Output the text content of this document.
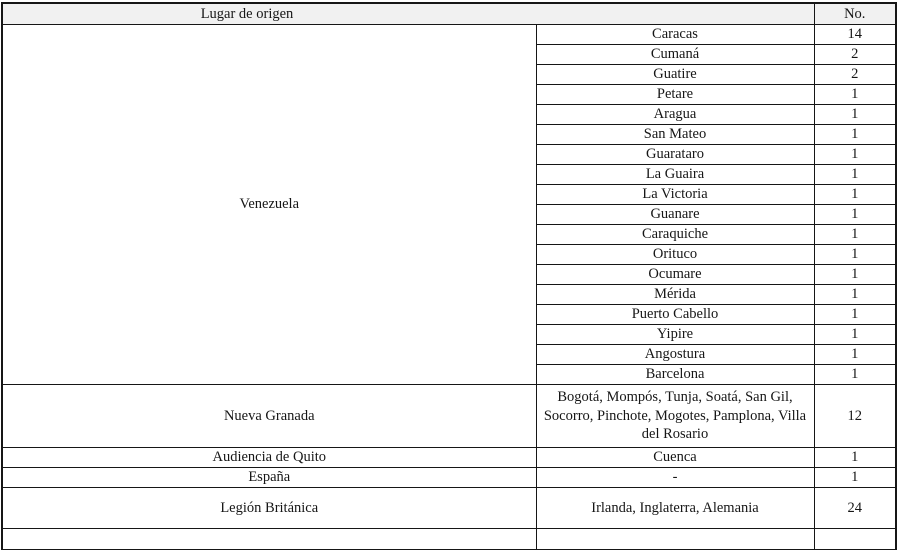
Lugar de origen		No.
Venezuela	Caracas	14
	Cumaná	2
	Guatire	2
	Petare	1
	Aragua	1
	San Mateo	1
	Guarataro	1
	La Guaira	1
	La Victoria	1
	Guanare	1
	Caraquiche	1
	Orituco	1
	Ocumare	1
	Mérida	1
	Puerto Cabello	1
	Yipire	1
	Angostura	1
	Barcelona	1
Nueva Granada	Bogotá, Mompós, Tunja, Soatá, San Gil, Socorro, Pinchote, Mogotes, Pamplona, Villa del Rosario	12
Audiencia de Quito	Cuenca	1
España	-	1
Legión Británica	Irlanda, Inglaterra, Alemania	24
